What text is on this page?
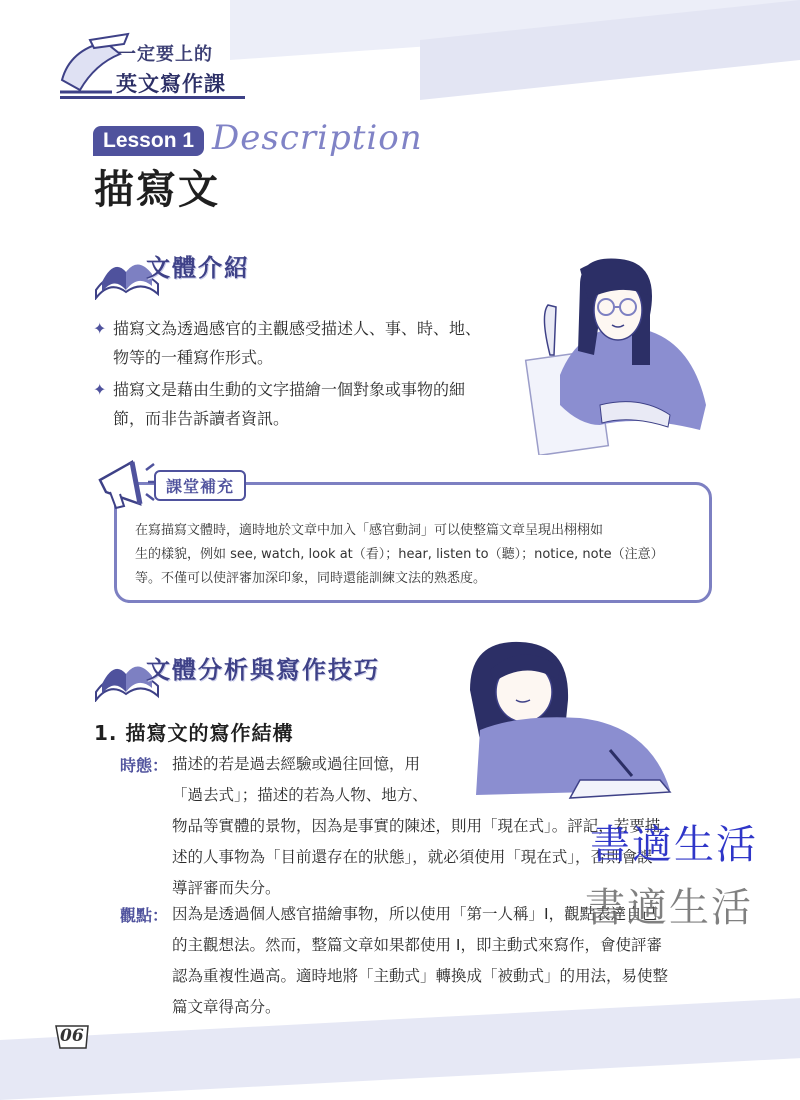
一定要上的
英文寫作課
Lesson 1 Description
描寫文
文體介紹
✦ 描寫文為透過感官的主觀感受描述人、事、時、地、
物等的一種寫作形式。
✦ 描寫文是藉由生動的文字描繪一個對象或事物的細
節，而非告訴讀者資訊。
在寫描寫文體時，適時地於文章中加入「感官動詞」可以使整篇文章呈現出栩栩如
生的樣貌，例如 see, watch, look at（看）；hear, listen to（聽）；notice, note（注意）
等。不僅可以使評審加深印象，同時還能訓練文法的熟悉度。
課堂補充
文體分析與寫作技巧
1. 描寫文的寫作結構
時態： 描述的若是過去經驗或過往回憶，用
「過去式」；描述的若為人物、地方、
物品等實體的景物，因為是事實的陳述，則用「現在式」。評記，若要描
述的人事物為「目前還存在的狀態」，就必須使用「現在式」，否則會誤
導評審而失分。
觀點： 因為是透過個人感官描繪事物，所以使用「第一人稱」I，觀點表達自己
的主觀想法。然而，整篇文章如果都使用 I，即主動式來寫作，會使評審
認為重複性過高。適時地將「主動式」轉換成「被動式」的用法，易使整
篇文章得高分。
書適生活
書適生活
06
